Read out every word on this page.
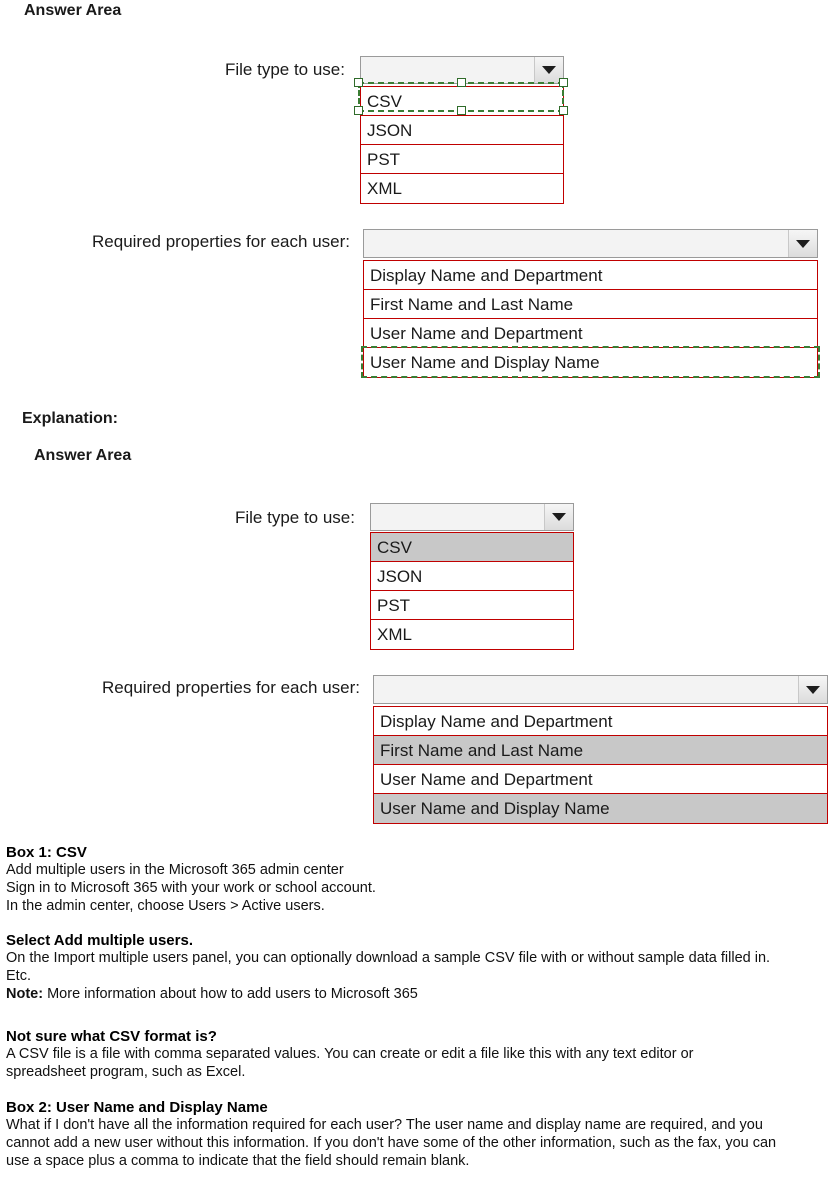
Answer Area
File type to use:
CSV
JSON
PST
XML
Required properties for each user:
Display Name and Department
First Name and Last Name
User Name and Department
User Name and Display Name
Explanation:
Answer Area
File type to use:
CSV
JSON
PST
XML
Required properties for each user:
Display Name and Department
First Name and Last Name
User Name and Department
User Name and Display Name
Box 1: CSV
Add multiple users in the Microsoft 365 admin center
Sign in to Microsoft 365 with your work or school account.
In the admin center, choose Users > Active users.
Select Add multiple users.
On the Import multiple users panel, you can optionally download a sample CSV file with or without sample data filled in.
Etc.
Note: More information about how to add users to Microsoft 365
Not sure what CSV format is?
A CSV file is a file with comma separated values. You can create or edit a file like this with any text editor or
spreadsheet program, such as Excel.
Box 2: User Name and Display Name
What if I don't have all the information required for each user? The user name and display name are required, and you
cannot add a new user without this information. If you don't have some of the other information, such as the fax, you can
use a space plus a comma to indicate that the field should remain blank.
